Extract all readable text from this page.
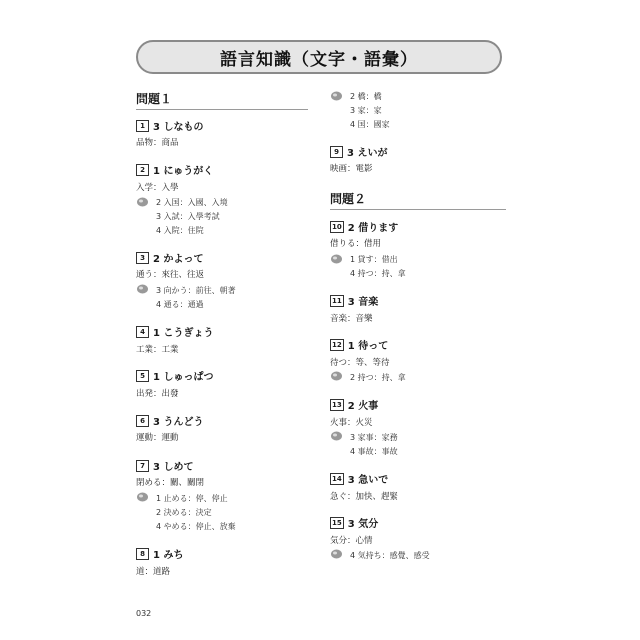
語言知識（文字・語彙）
問題１
1 3 しなもの
品物：商品
2 1 にゅうがく
入学：入學
2 入国：入國、入境
3 入試：入學考試
4 入院：住院
3 2 かよって
通う：來往、往返
3 向かう：前往、朝著
4 通る：通過
4 1 こうぎょう
工業：工業
5 1 しゅっぱつ
出発：出發
6 3 うんどう
運動：運動
7 3 しめて
閉める：關、關閉
1 止める：停、停止
2 決める：決定
4 やめる：停止、放棄
8 1 みち
道：道路
2 橋：橋
3 家：家
4 国：國家
9 3 えいが
映画：電影
問題２
10 2 借ります
借りる：借用
1 貸す：借出
4 持つ：持、拿
11 3 音楽
音楽：音樂
12 1 待って
待つ：等、等待
2 持つ：持、拿
13 2 火事
火事：火災
3 家事：家務
4 事故：事故
14 3 急いで
急ぐ：加快、趕緊
15 3 気分
気分：心情
4 気持ち：感覺、感受
032
